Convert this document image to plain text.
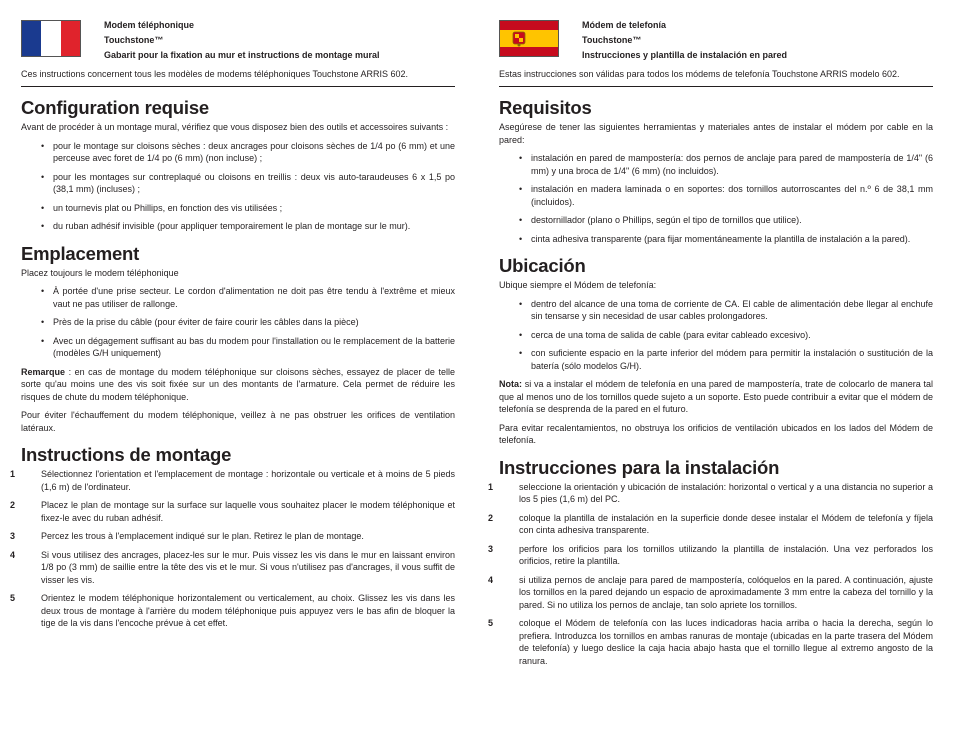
Modem téléphonique
Touchstone™
Gabarit pour la fixation au mur et instructions de montage mural
Ces instructions concernent tous les modèles de modems téléphoniques Touchstone ARRIS 602.
Configuration requise

Avant de procéder à un montage mural, vérifiez que vous disposez bien des outils et accessoires suivants :

• pour le montage sur cloisons sèches : deux ancrages pour cloisons sèches de 1/4 po (6 mm) et une perceuse avec foret de 1/4 po (6 mm) (non incluse) ;
• pour les montages sur contreplaqué ou cloisons en treillis : deux vis auto-taraudeuses 6 x 1,5 po (38,1 mm) (incluses) ;
• un tournevis plat ou Phillips, en fonction des vis utilisées ;
• du ruban adhésif invisible (pour appliquer temporairement le plan de montage sur le mur).
Emplacement

Placez toujours le modem téléphonique

• À portée d'une prise secteur. Le cordon d'alimentation ne doit pas être tendu à l'extrême et mieux vaut ne pas utiliser de rallonge.
• Près de la prise du câble (pour éviter de faire courir les câbles dans la pièce)
• Avec un dégagement suffisant au bas du modem pour l'installation ou le remplacement de la batterie (modèles G/H uniquement)

Remarque : en cas de montage du modem téléphonique sur cloisons sèches, essayez de placer de telle sorte qu'au moins une des vis soit fixée sur un des montants de l'armature. Cela permet de réduire les risques de chute du modem téléphonique.

Pour éviter l'échauffement du modem téléphonique, veillez à ne pas obstruer les orifices de ventilation latéraux.

Instructions de montage
1	Sélectionnez l'orientation et l'emplacement de montage : horizontale ou verticale et à moins de 5 pieds (1,6 m) de l'ordinateur.
2	Placez le plan de montage sur la surface sur laquelle vous souhaitez placer le modem téléphonique et fixez-le avec du ruban adhésif.
3	Percez les trous à l'emplacement indiqué sur le plan. Retirez le plan de montage.
4	Si vous utilisez des ancrages, placez-les sur le mur. Puis vissez les vis dans le mur en laissant environ 1/8 po (3 mm) de saillie entre la tête des vis et le mur. Si vous n'utilisez pas d'ancrages, il vous suffit de visser les vis.
5	Orientez le modem téléphonique horizontalement ou verticalement, au choix. Glissez les vis dans les deux trous de montage à l'arrière du modem téléphonique puis appuyez vers le bas afin de bloquer la tige de la vis dans l'encoche prévue à cet effet.
Módem de telefonía
Touchstone™
Instrucciones y plantilla de instalación en pared
Estas instrucciones son válidas para todos los módems de telefonía Touchstone ARRIS modelo 602.
Requisitos

Asegúrese de tener las siguientes herramientas y materiales antes de instalar el módem por cable en la pared:

• instalación en pared de mampostería: dos pernos de anclaje para pared de mampostería de 1/4" (6 mm) y una broca de 1/4" (6 mm) (no incluidos).
• instalación en madera laminada o en soportes: dos tornillos autorroscantes del n.º 6 de 38,1 mm (incluidos).
• destornillador (plano o Phillips, según el tipo de tornillos que utilice).
• cinta adhesiva transparente (para fijar momentáneamente la plantilla de instalación a la pared).
Ubicación

Ubique siempre el Módem de telefonía:

• dentro del alcance de una toma de corriente de CA. El cable de alimentación debe llegar al enchufe sin tensarse y sin necesidad de usar cables prolongadores.
• cerca de una toma de salida de cable (para evitar cableado excesivo).
• con suficiente espacio en la parte inferior del módem para permitir la instalación o sustitución de la batería (sólo modelos G/H).

Nota: si va a instalar el módem de telefonía en una pared de mampostería, trate de colocarlo de manera tal que al menos uno de los tornillos quede sujeto a un soporte. Esto puede contribuir a evitar que el módem de telefonía se desprenda de la pared en el futuro.

Para evitar recalentamientos, no obstruya los orificios de ventilación ubicados en los lados del Módem de telefonía.

Instrucciones para la instalación
1	seleccione la orientación y ubicación de instalación: horizontal o vertical y a una distancia no superior a los 5 pies (1,6 m) del PC.
2	coloque la plantilla de instalación en la superficie donde desee instalar el Módem de telefonía y fíjela con cinta adhesiva transparente.
3	perfore los orificios para los tornillos utilizando la plantilla de instalación. Una vez perforados los orificios, retire la plantilla.
4	si utiliza pernos de anclaje para pared de mampostería, colóquelos en la pared. A continuación, ajuste los tornillos en la pared dejando un espacio de aproximadamente 3 mm entre la cabeza del tornillo y la pared. Si no utiliza los pernos de anclaje, tan solo apriete los tornillos.
5	coloque el Módem de telefonía con las luces indicadoras hacia arriba o hacia la derecha, según lo prefiera. Introduzca los tornillos en ambas ranuras de montaje (ubicadas en la parte trasera del Módem de telefonía) y luego deslice la caja hacia abajo hasta que el tornillo llegue al extremo angosto de la ranura.
